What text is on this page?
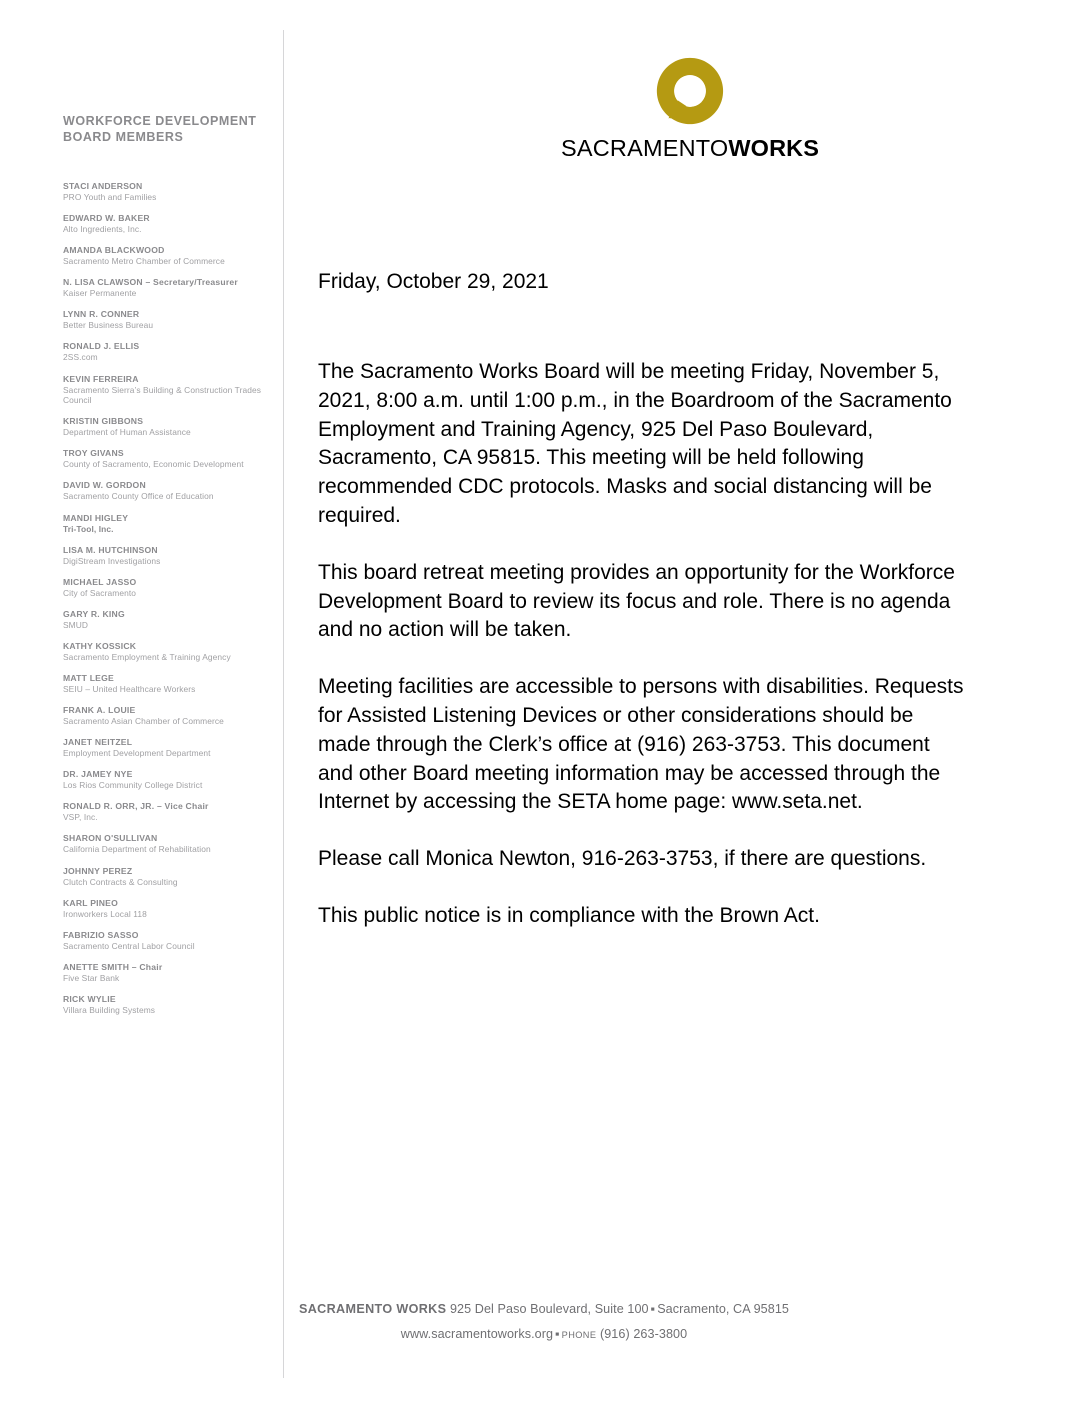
SACRAMENTOWORKS
WORKFORCE DEVELOPMENT BOARD MEMBERS
STACI ANDERSON
PRO Youth and Families
EDWARD W. BAKER
Alto Ingredients, Inc.
AMANDA BLACKWOOD
Sacramento Metro Chamber of Commerce
N. LISA CLAWSON – Secretary/Treasurer
Kaiser Permanente
LYNN R. CONNER
Better Business Bureau
RONALD J. ELLIS
2SS.com
KEVIN FERREIRA
Sacramento Sierra’s Building & Construction Trades Council
KRISTIN GIBBONS
Department of Human Assistance
TROY GIVANS
County of Sacramento, Economic Development
DAVID W. GORDON
Sacramento County Office of Education
MANDI HIGLEY
Tri-Tool, Inc.
LISA M. HUTCHINSON
DigiStream Investigations
MICHAEL JASSO
City of Sacramento
GARY R. KING
SMUD
KATHY KOSSICK
Sacramento Employment & Training Agency
MATT LEGE
SEIU – United Healthcare Workers
FRANK A. LOUIE
Sacramento Asian Chamber of Commerce
JANET NEITZEL
Employment Development Department
DR. JAMEY NYE
Los Rios Community College District
RONALD R. ORR, JR. – Vice Chair
VSP, Inc.
SHARON O'SULLIVAN
California Department of Rehabilitation
JOHNNY PEREZ
Clutch Contracts & Consulting
KARL PINEO
Ironworkers Local 118
FABRIZIO SASSO
Sacramento Central Labor Council
ANETTE SMITH – Chair
Five Star Bank
RICK WYLIE
Villara Building Systems

Friday, October 29, 2021

The Sacramento Works Board will be meeting Friday, November 5, 2021, 8:00 a.m. until 1:00 p.m., in the Boardroom of the Sacramento Employment and Training Agency, 925 Del Paso Boulevard, Sacramento, CA 95815. This meeting will be held following recommended CDC protocols. Masks and social distancing will be required.

This board retreat meeting provides an opportunity for the Workforce Development Board to review its focus and role. There is no agenda and no action will be taken.

Meeting facilities are accessible to persons with disabilities. Requests for Assisted Listening Devices or other considerations should be made through the Clerk’s office at (916) 263-3753. This document and other Board meeting information may be accessed through the Internet by accessing the SETA home page: www.seta.net.

Please call Monica Newton, 916-263-3753, if there are questions.

This public notice is in compliance with the Brown Act.

SACRAMENTO WORKS 925 Del Paso Boulevard, Suite 100 ▪ Sacramento, CA 95815
www.sacramentoworks.org ▪ PHONE (916) 263-3800
